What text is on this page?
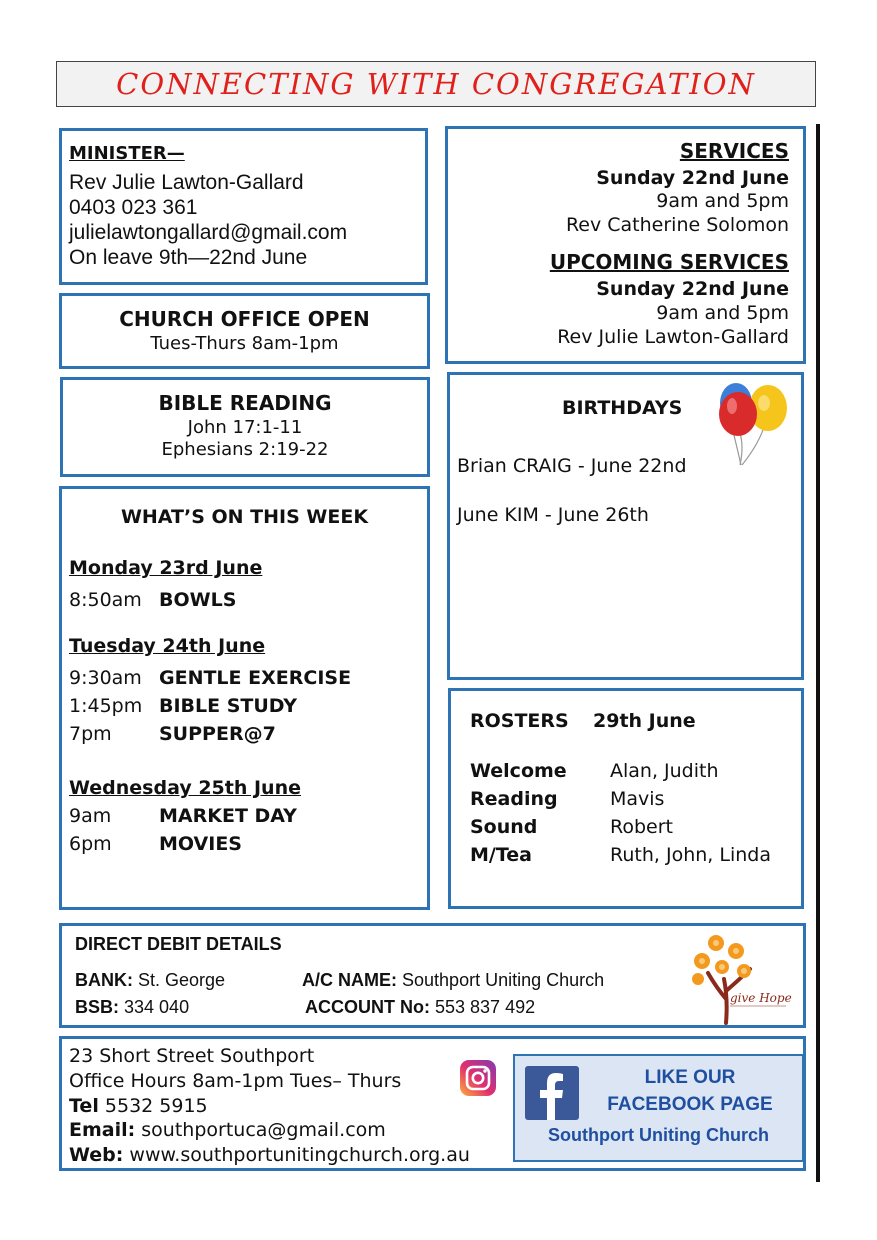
CONNECTING WITH CONGREGATION
MINISTER—
Rev Julie Lawton-Gallard
0403 023 361
julielawtongallard@gmail.com
On leave 9th—22nd June
CHURCH OFFICE OPEN
Tues-Thurs 8am-1pm
BIBLE READING
John 17:1-11
Ephesians 2:19-22
WHAT’S ON THIS WEEK
Monday 23rd June
8:50am BOWLS
Tuesday 24th June
9:30am GENTLE EXERCISE
1:45pm BIBLE STUDY
7pm SUPPER@7
Wednesday 25th June
9am	MARKET DAY
6pm MOVIES
SERVICES
Sunday 22nd June
9am and 5pm
Rev Catherine Solomon
UPCOMING SERVICES
Sunday 22nd June
9am and 5pm
Rev Julie Lawton-Gallard
BIRTHDAYS
Brian CRAIG - June 22nd
June KIM - June 26th
ROSTERS 29th June
Welcome Alan, Judith
Reading	Mavis
Sound	Robert
M/Tea	Ruth, John, Linda
DIRECT DEBIT DETAILS
BANK: St. George	A/C NAME: Southport Uniting Church
BSB: 334 040	ACCOUNT No: 553 837 492	give Hope
23 Short Street Southport
Office Hours 8am-1pm Tues– Thurs
Tel 5532 5915
Email: southportuca@gmail.com
Web: www.southportunitingchurch.org.au
LIKE OUR
FACEBOOK PAGE
Southport Uniting Church
